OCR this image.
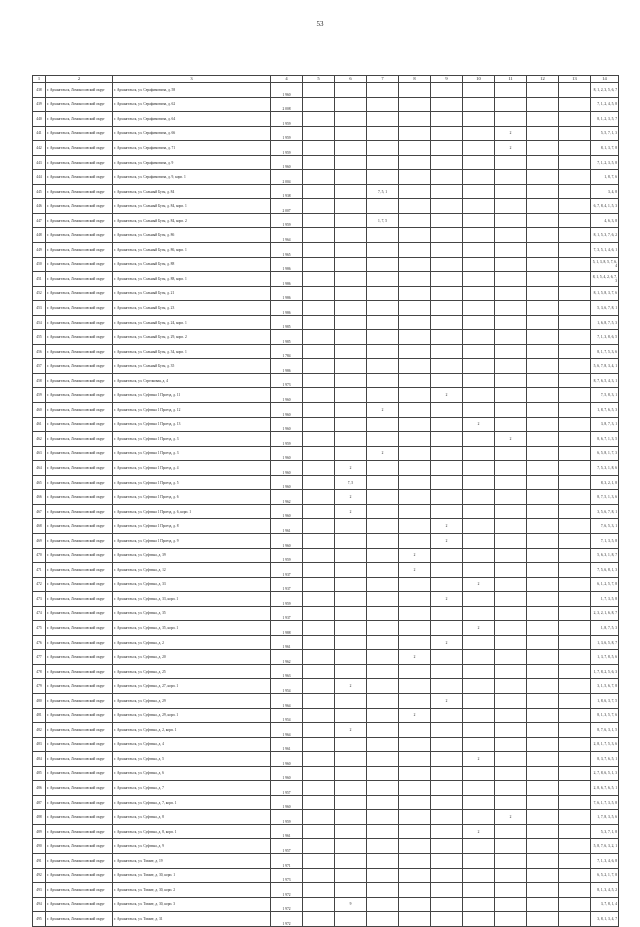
53
1	2	3	4	5	6	7	8	9	10	11	12	13	14
438	г. Архангельск, Ломоносовский округ	г. Архангельск, ул. Серафимовича, д. 58	1 960										8, 1, 2, 3, 5, 6, 7
439	г. Архангельск, Ломоносовский округ	г. Архангельск, ул. Серафимовича, д. 62	2 008										7, 1, 2, 4, 5, 8
440	г. Архангельск, Ломоносовский округ	г. Архангельск, ул. Серафимовича, д. 64	1 959										8, 1, 2, 3, 5, 7
441	г. Архангельск, Ломоносовский округ	г. Архангельск, ул. Серафимовича, д. 66	1 959							2			5, 5, 7, 1, 3
442	г. Архангельск, Ломоносовский округ	г. Архангельск, ул. Серафимовича, д. 71	1 959							2			8, 1, 3, 7, 8
443	г. Архангельск, Ломоносовский округ	г. Архангельск, ул. Серафимовича, д. 9	1 960										7, 1, 2, 3, 5, 8
444	г. Архангельск, Ломоносовский округ	г. Архангельск, ул. Серафимовича, д. 9, корп. 1	2 004										1, 8, 7, 6
445	г. Архангельск, Ломоносовский округ	г. Архангельск, ул. Сольный Бугн, д. 84	1 938			7, 5, 1							3, 4, 8
446	г. Архангельск, Ломоносовский округ	г. Архангельск, ул. Сольный Бугн, д. 84, корп. 1	2 007										6, 7, 8, 4, 1, 5, 3
447	г. Архангельск, Ломоносовский округ	г. Архангельск, ул. Сольный Бугн, д. 84, корп. 2	1 959			1, 7, 5							4, 6, 3, 8
448	г. Архангельск, Ломоносовский округ	г. Архангельск, ул. Сольный Бугн, д. 86	1 964										8, 1, 5, 3, 7, 6, 2
449	г. Архангельск, Ломоносовский округ	г. Архангельск, ул. Сольный Бугн, д. 86, корп. 1	1 965										7, 3, 5, 1, 4, 6, 1
450	г. Архангельск, Ломоносовский округ	г. Архангельск, ул. Сольный Бугн, д. 88	1 986										5, 1, 3, 8, 5, 7, 6, 4
451	г. Архангельск, Ломоносовский округ	г. Архангельск, ул. Сольный Бугн, д. 88, корп. 1	1 986										8, 1, 5, 4, 2, 6, 7, 3
452	г. Архангельск, Ломоносовский округ	г. Архангельск, ул. Сольный Бугн, д. 21	1 986										8, 1, 5, 8, 3, 7, 6
453	г. Архангельск, Ломоносовский округ	г. Архангельск, ул. Сольный Бугн, д. 23	1 986										5, 3, 6, 7, 8, 1
454	г. Архангельск, Ломоносовский округ	г. Архангельск, ул. Сольный Бугн, д. 24, корп. 1	1 985										1, 6, 8, 7, 5, 3
455	г. Архангельск, Ломоносовский округ	г. Архангельск, ул. Сольный Бугн, д. 29, корп. 2	1 985										7, 1, 3, 8, 6, 5
456	г. Архангельск, Ломоносовский округ	г. Архангельск, ул. Сольный Бугн, д. 34, корп. 1	1 784										8, 1, 7, 5, 3, 6
457	г. Архангельск, Ломоносовский округ	г. Архангельск, ул. Сольный Бугн, д. 35	1 986										5, 6, 7, 8, 3, 4, 1
458	г. Архангельск, Ломоносовский округ	г. Архангельск, ул. Стрелковая, д. 4	1 973										8, 7, 6, 5, 4, 3, 1
459	г. Архангельск, Ломоносовский округ	г. Архангельск, ул. Суфтина 1 Проезд, д. 11	1 960					2					7, 5, 8, 3, 1
460	г. Архангельск, Ломоносовский округ	г. Архангельск, ул. Суфтина 1 Проезд, д. 12	1 960			2							1, 8, 7, 6, 5, 3
461	г. Архангельск, Ломоносовский округ	г. Архангельск, ул. Суфтина 1 Проезд, д. 13	1 960						2				3, 8, 7, 3, 1
462	г. Архангельск, Ломоносовский округ	г. Архангельск, ул. Суфтина 1 Проезд, д. 3	1 959							2			8, 6, 7, 1, 3, 5
463	г. Архангельск, Ломоносовский округ	г. Архангельск, ул. Суфтина 1 Проезд, д. 3	1 960			2							6, 5, 8, 1, 7, 3
464	г. Архангельск, Ломоносовский округ	г. Архангельск, ул. Суфтина 1 Проезд, д. 4	1 960		2								7, 5, 3, 1, 8, 6
465	г. Архангельск, Ломоносовский округ	г. Архангельск, ул. Суфтина 1 Проезд, д. 5	1 960		7, 5								8, 3, 2, 1, 8
466	г. Архангельск, Ломоносовский округ	г. Архангельск, ул. Суфтина 1 Проезд, д. 6	1 962		2								8, 7, 5, 1, 3, 6
467	г. Архангельск, Ломоносовский округ	г. Архангельск, ул. Суфтина 1 Проезд, д. 6, корп. 1	1 960		2								3, 5, 6, 7, 8, 1
468	г. Архангельск, Ломоносовский округ	г. Архангельск, ул. Суфтина 1 Проезд, д. 8	1 961					2					7, 6, 5, 3, 1
469	г. Архангельск, Ломоносовский округ	г. Архангельск, ул. Суфтина 1 Проезд, д. 9	1 960					2					7, 1, 3, 5, 8
470	г. Архангельск, Ломоносовский округ	г. Архангельск, ул. Суфтина, д. 39	1 959				2						5, 6, 3, 1, 8, 7
471	г. Архангельск, Ломоносовский округ	г. Архангельск, ул. Суфтина, д. 12	1 937				2						7, 5, 6, 8, 1, 3
472	г. Архангельск, Ломоносовский округ	г. Архангельск, ул. Суфтина, д. 33	1 937						2				6, 1, 2, 5, 7, 8
473	г. Архангельск, Ломоносовский округ	г. Архангельск, ул. Суфтина, д. 33, корп. 1	1 959					2					1, 7, 3, 5, 8
474	г. Архангельск, Ломоносовский округ	г. Архангельск, ул. Суфтина, д. 35	1 937										2, 3, 2, 1, 6, 8, 7
475	г. Архангельск, Ломоносовский округ	г. Архангельск, ул. Суфтина, д. 35, корп. 1	1 988						2				1, 8, 7, 5, 3
476	г. Архангельск, Ломоносовский округ	г. Архангельск, ул. Суфтина, д. 2	1 961					2					1, 3, 6, 5, 8, 7
477	г. Архангельск, Ломоносовский округ	г. Архангельск, ул. Суфтина, д. 20	1 962				2						1, 3, 7, 8, 5, 6
478	г. Архангельск, Ломоносовский округ	г. Архангельск, ул. Суфтина, д. 25	1 963										1, 7, 8, 2, 5, 6, 3
479	г. Архангельск, Ломоносовский округ	г. Архангельск, ул. Суфтина, д. 27, корп. 1	1 954		2								3, 1, 5, 6, 7, 8
480	г. Архангельск, Ломоносовский округ	г. Архангельск, ул. Суфтина, д. 29	1 964					2					1, 8, 6, 3, 7, 5
481	г. Архангельск, Ломоносовский округ	г. Архангельск, ул. Суфтина, д. 29, корп. 1	1 954				2						8, 1, 3, 5, 7, 6
482	г. Архангельск, Ломоносовский округ	г. Архангельск, ул. Суфтина, д. 2, корп. 1	1 964		2								8, 7, 6, 3, 1, 5
483	г. Архангельск, Ломоносовский округ	г. Архангельск, ул. Суфтина, д. 4	1 961										2, 8, 1, 7, 5, 3, 6
484	г. Архангельск, Ломоносовский округ	г. Архангельск, ул. Суфтина, д. 5	1 960						2				8, 3, 7, 6, 5, 1
485	г. Архангельск, Ломоносовский округ	г. Архангельск, ул. Суфтина, д. 6	1 960										2, 7, 8, 6, 5, 1, 3
486	г. Архангельск, Ломоносовский округ	г. Архангельск, ул. Суфтина, д. 7	1 957										2, 8, 6, 7, 6, 5, 1
487	г. Архангельск, Ломоносовский округ	г. Архангельск, ул. Суфтина, д. 7, корп. 1	1 960										7, 6, 1, 7, 3, 5, 8
488	г. Архангельск, Ломоносовский округ	г. Архангельск, ул. Суфтина, д. 8	1 959							2			1, 7, 8, 3, 5, 6
489	г. Архангельск, Ломоносовский округ	г. Архангельск, ул. Суфтина, д. 8, корп. 1	1 961						2				5, 3, 7, 1, 8
490	г. Архангельск, Ломоносовский округ	г. Архангельск, ул. Суфтина, д. 9	1 957										5, 8, 7, 6, 3, 2, 1
491	г. Архангельск, Ломоносовский округ	г. Архангельск, ул. Тимме, д. 19	1 971										7, 1, 3, 4, 6, 8
492	г. Архангельск, Ломоносовский округ	г. Архангельск, ул. Тимме, д. 30, корп. 1	1 973										6, 5, 2, 1, 7, 8
493	г. Архангельск, Ломоносовский округ	г. Архангельск, ул. Тимме, д. 30, корп. 2	1 972										8, 1, 3, 4, 5, 2
494	г. Архангельск, Ломоносовский округ	г. Архангельск, ул. Тимме, д. 30, корп. 3	1 972		9								3, 7, 8, 1, 4
495	г. Архангельск, Ломоносовский округ	г. Архангельск, ул. Тимме, д. 31	1 972										3, 8, 1, 3, 4, 7
